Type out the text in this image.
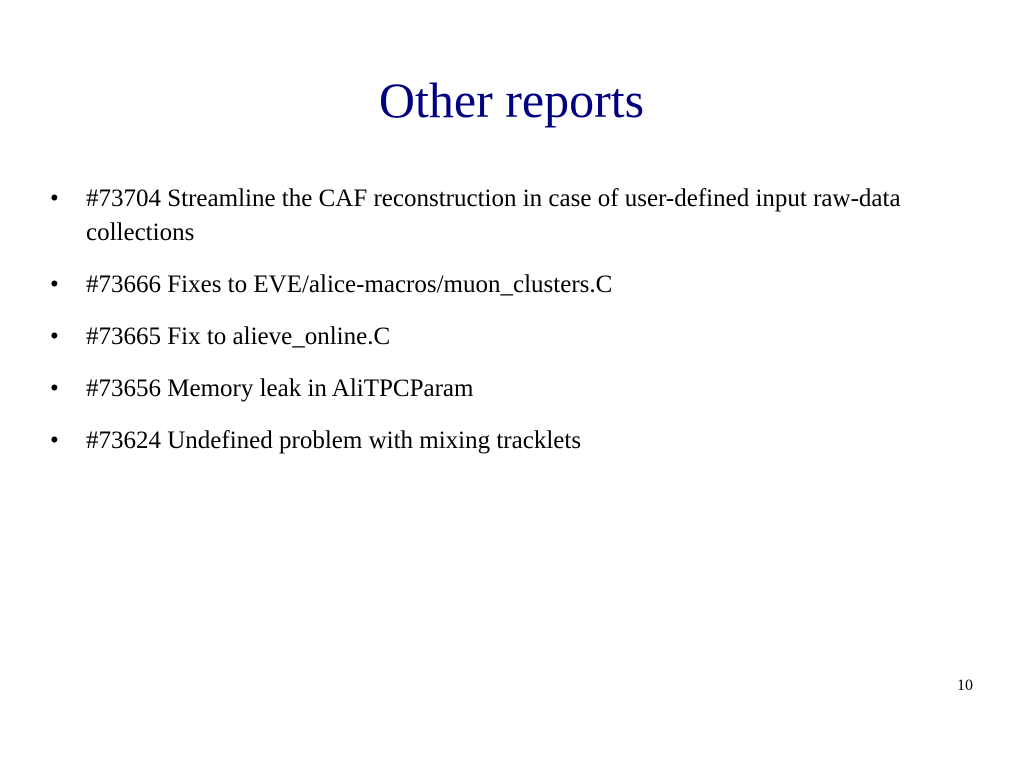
Other reports
•	#73704 Streamline the CAF reconstruction in case of user-defined input raw-data collections
•	#73666 Fixes to EVE/alice-macros/muon_clusters.C
•	#73665 Fix to alieve_online.C
•	#73656 Memory leak in AliTPCParam
•	#73624 Undefined problem with mixing tracklets
10
